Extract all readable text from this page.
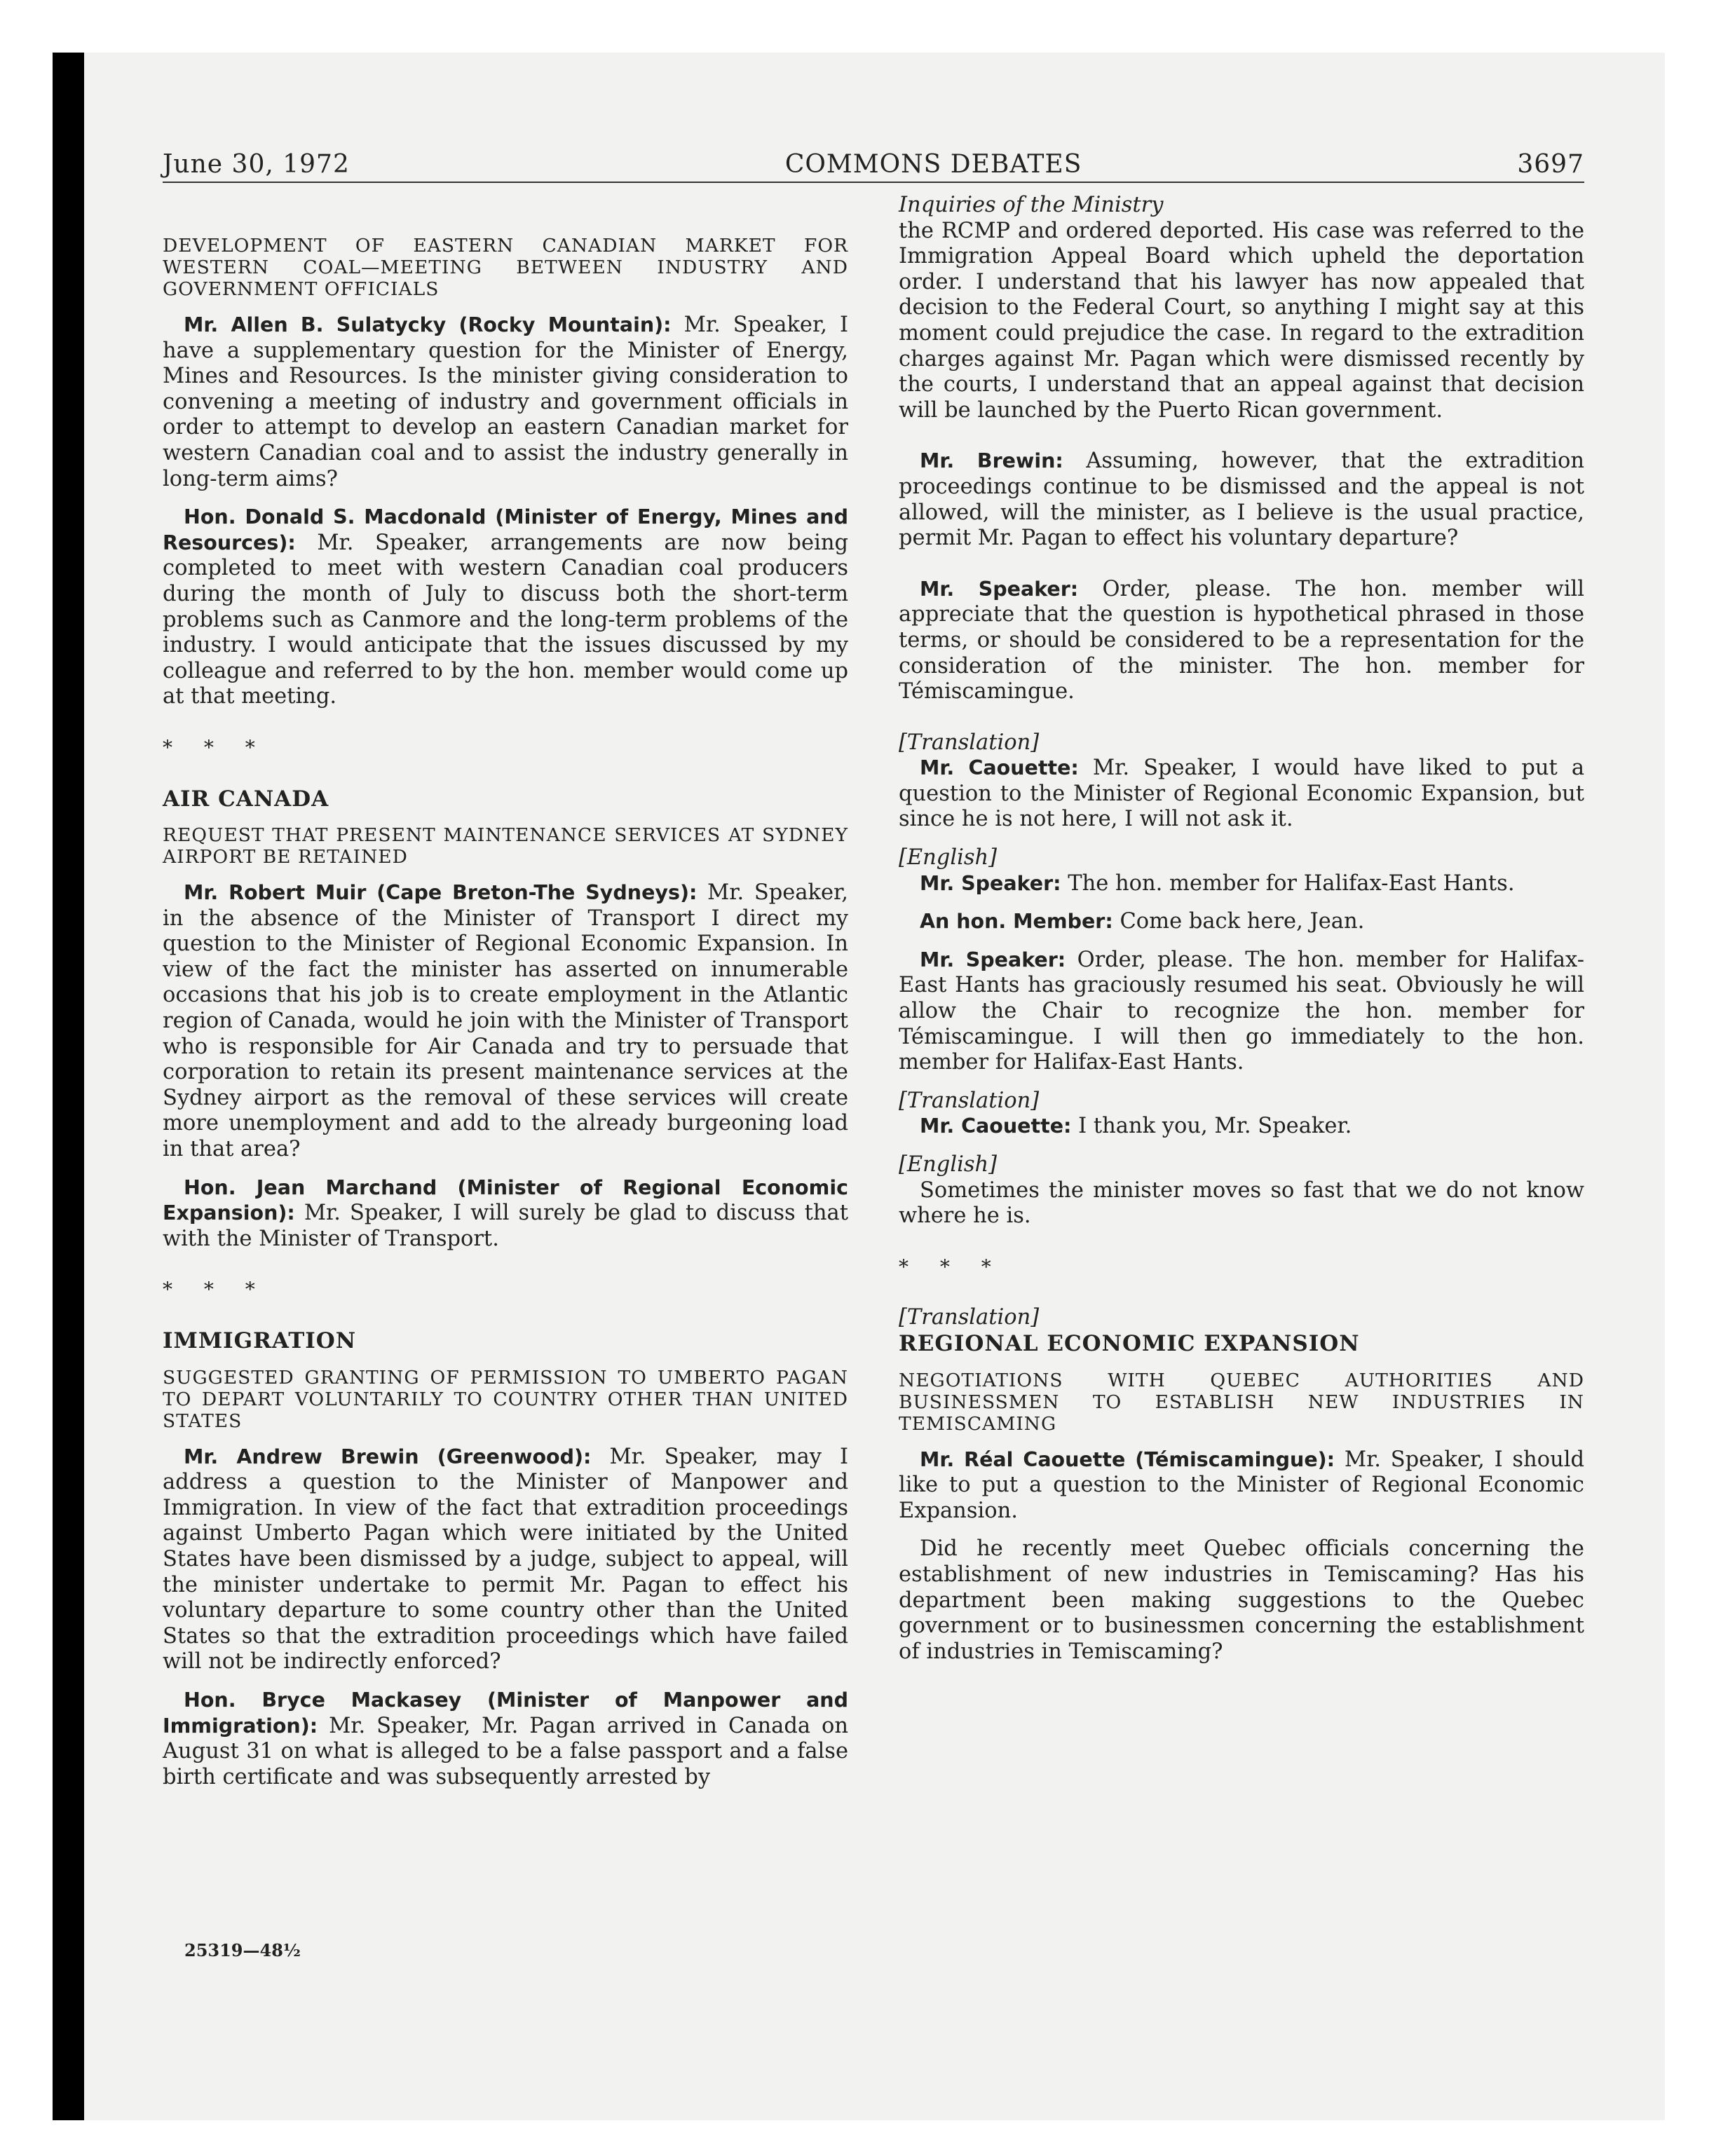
June 30, 1972	COMMONS DEBATES	3697

DEVELOPMENT OF EASTERN CANADIAN MARKET FOR WESTERN COAL—MEETING BETWEEN INDUSTRY AND GOVERNMENT OFFICIALS

Mr. Allen B. Sulatycky (Rocky Mountain): Mr. Speaker, I have a supplementary question for the Minister of Energy, Mines and Resources. Is the minister giving consideration to convening a meeting of industry and government officials in order to attempt to develop an eastern Canadian market for western Canadian coal and to assist the industry generally in long-term aims?

Hon. Donald S. Macdonald (Minister of Energy, Mines and Resources): Mr. Speaker, arrangements are now being completed to meet with western Canadian coal producers during the month of July to discuss both the short-term problems such as Canmore and the long-term problems of the industry. I would anticipate that the issues discussed by my colleague and referred to by the hon. member would come up at that meeting.

* * *

AIR CANADA

REQUEST THAT PRESENT MAINTENANCE SERVICES AT SYDNEY AIRPORT BE RETAINED

Mr. Robert Muir (Cape Breton-The Sydneys): Mr. Speaker, in the absence of the Minister of Transport I direct my question to the Minister of Regional Economic Expansion. In view of the fact the minister has asserted on innumerable occasions that his job is to create employment in the Atlantic region of Canada, would he join with the Minister of Transport who is responsible for Air Canada and try to persuade that corporation to retain its present maintenance services at the Sydney airport as the removal of these services will create more unemployment and add to the already burgeoning load in that area?

Hon. Jean Marchand (Minister of Regional Economic Expansion): Mr. Speaker, I will surely be glad to discuss that with the Minister of Transport.

* * *

IMMIGRATION

SUGGESTED GRANTING OF PERMISSION TO UMBERTO PAGAN TO DEPART VOLUNTARILY TO COUNTRY OTHER THAN UNITED STATES

Mr. Andrew Brewin (Greenwood): Mr. Speaker, may I address a question to the Minister of Manpower and Immigration. In view of the fact that extradition proceedings against Umberto Pagan which were initiated by the United States have been dismissed by a judge, subject to appeal, will the minister undertake to permit Mr. Pagan to effect his voluntary departure to some country other than the United States so that the extradition proceedings which have failed will not be indirectly enforced?

Hon. Bryce Mackasey (Minister of Manpower and Immigration): Mr. Speaker, Mr. Pagan arrived in Canada on August 31 on what is alleged to be a false passport and a false birth certificate and was subsequently arrested by

Inquiries of the Ministry

the RCMP and ordered deported. His case was referred to the Immigration Appeal Board which upheld the deportation order. I understand that his lawyer has now appealed that decision to the Federal Court, so anything I might say at this moment could prejudice the case. In regard to the extradition charges against Mr. Pagan which were dismissed recently by the courts, I understand that an appeal against that decision will be launched by the Puerto Rican government.

Mr. Brewin: Assuming, however, that the extradition proceedings continue to be dismissed and the appeal is not allowed, will the minister, as I believe is the usual practice, permit Mr. Pagan to effect his voluntary departure?

Mr. Speaker: Order, please. The hon. member will appreciate that the question is hypothetical phrased in those terms, or should be considered to be a representation for the consideration of the minister. The hon. member for Témiscamingue.

[Translation]

Mr. Caouette: Mr. Speaker, I would have liked to put a question to the Minister of Regional Economic Expansion, but since he is not here, I will not ask it.

[English]

Mr. Speaker: The hon. member for Halifax-East Hants.

An hon. Member: Come back here, Jean.

Mr. Speaker: Order, please. The hon. member for Halifax-East Hants has graciously resumed his seat. Obviously he will allow the Chair to recognize the hon. member for Témiscamingue. I will then go immediately to the hon. member for Halifax-East Hants.

[Translation]

Mr. Caouette: I thank you, Mr. Speaker.

[English]

Sometimes the minister moves so fast that we do not know where he is.

* * *

[Translation]

REGIONAL ECONOMIC EXPANSION

NEGOTIATIONS WITH QUEBEC AUTHORITIES AND BUSINESSMEN TO ESTABLISH NEW INDUSTRIES IN TEMISCAMING

Mr. Réal Caouette (Témiscamingue): Mr. Speaker, I should like to put a question to the Minister of Regional Economic Expansion.

Did he recently meet Quebec officials concerning the establishment of new industries in Temiscaming? Has his department been making suggestions to the Quebec government or to businessmen concerning the establishment of industries in Temiscaming?

25319—48½
